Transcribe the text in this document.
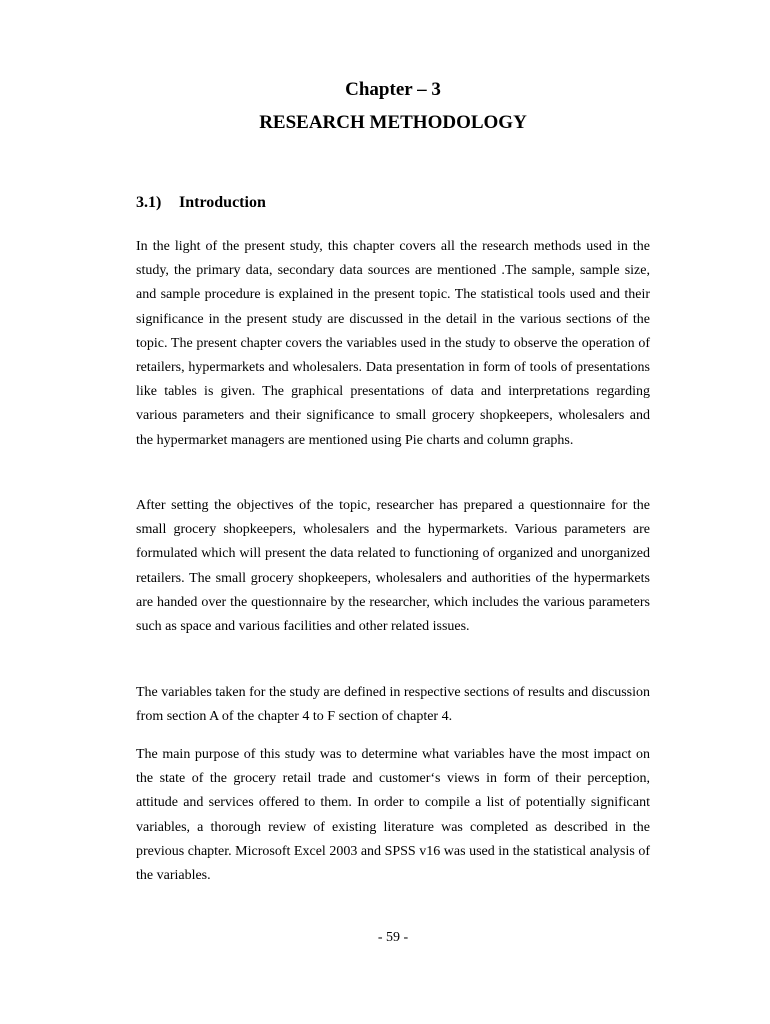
Chapter – 3
RESEARCH METHODOLOGY
3.1) Introduction

In the light of the present study, this chapter covers all the research methods used in the study, the primary data, secondary data sources are mentioned .The sample, sample size, and sample procedure is explained in the present topic. The statistical tools used and their significance in the present study are discussed in the detail in the various sections of the topic. The present chapter covers the variables used in the study to observe the operation of retailers, hypermarkets and wholesalers. Data presentation in form of tools of presentations like tables is given. The graphical presentations of data and interpretations regarding various parameters and their significance to small grocery shopkeepers, wholesalers and the hypermarket managers are mentioned using Pie charts and column graphs.

After setting the objectives of the topic, researcher has prepared a questionnaire for the small grocery shopkeepers, wholesalers and the hypermarkets. Various parameters are formulated which will present the data related to functioning of organized and unorganized retailers. The small grocery shopkeepers, wholesalers and authorities of the hypermarkets are handed over the questionnaire by the researcher, which includes the various parameters such as space and various facilities and other related issues.

The variables taken for the study are defined in respective sections of results and discussion from section A of the chapter 4 to F section of chapter 4.

The main purpose of this study was to determine what variables have the most impact on the state of the grocery retail trade and customer‘s views in form of their perception, attitude and services offered to them. In order to compile a list of potentially significant variables, a thorough review of existing literature was completed as described in the previous chapter. Microsoft Excel 2003 and SPSS v16 was used in the statistical analysis of the variables.

- 59 -
